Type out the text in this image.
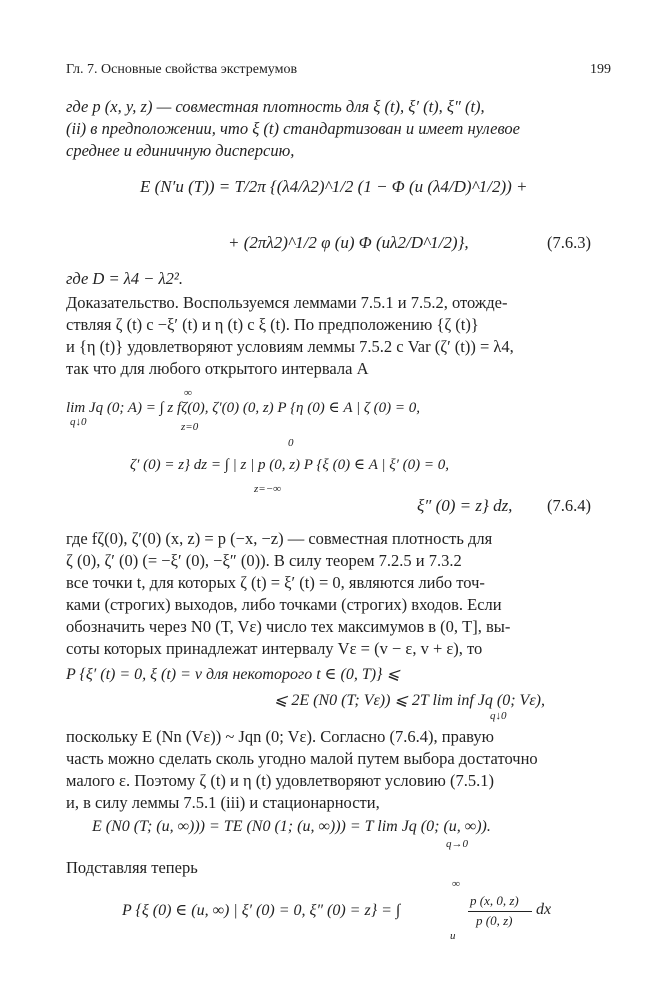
Гл. 7. Основные свойства экстремумов	199
где p (x, y, z) — совместная плотность для ξ (t), ξ′ (t), ξ″ (t),
(ii) в предположении, что ξ (t) стандартизован и имеет нулевое
среднее и единичную дисперсию,
E (N′u (T)) = T/2π {(λ4/λ2)^1/2 (1 − Φ (u (λ4/D)^1/2)) +
+ (2πλ2)^1/2 φ (u) Φ (uλ2/D^1/2)},	(7.6.3)
где D = λ4 − λ2².
Доказательство. Воспользуемся леммами 7.5.1 и 7.5.2, отожде-
ствляя ζ (t) с −ξ′ (t) и η (t) с ξ (t). По предположению {ζ (t)}
и {η (t)} удовлетворяют условиям леммы 7.5.2 с Var (ζ′ (t)) = λ4,
так что для любого открытого интервала A
∞
lim Jq (0; A) = ∫ z fζ(0), ζ′(0) (0, z) P {η (0) ∈ A | ζ (0) = 0,
q↓0	z=0
0
ζ′ (0) = z} dz = ∫ | z | p (0, z) P {ξ (0) ∈ A | ξ′ (0) = 0,
z=−∞
ξ″ (0) = z} dz, (7.6.4)
где fζ(0), ζ′(0) (x, z) = p (−x, −z) — совместная плотность для
ζ (0), ζ′ (0) (= −ξ′ (0), −ξ″ (0)). В силу теорем 7.2.5 и 7.3.2
все точки t, для которых ζ (t) = ξ′ (t) = 0, являются либо точ-
ками (строгих) выходов, либо точками (строгих) входов. Если
обозначить через N0 (T, Vε) число тех максимумов в (0, T], вы-
соты которых принадлежат интервалу Vε = (v − ε, v + ε), то
P {ξ′ (t) = 0, ξ (t) = v для некоторого t ∈ (0, T)} ⩽
⩽ 2E (N0 (T; Vε)) ⩽ 2T lim inf Jq (0; Vε),
q↓0
поскольку E (Nn (Vε)) ~ Jqn (0; Vε). Согласно (7.6.4), правую
часть можно сделать сколь угодно малой путем выбора достаточно
малого ε. Поэтому ζ (t) и η (t) удовлетворяют условию (7.5.1)
и, в силу леммы 7.5.1 (iii) и стационарности,
E (N0 (T; (u, ∞))) = TE (N0 (1; (u, ∞))) = T lim Jq (0; (u, ∞)).
q→0
Подставляя теперь
∞
P {ξ (0) ∈ (u, ∞) | ξ′ (0) = 0, ξ″ (0) = z} = ∫
p (x, 0, z)
p (0, z)
dx
u
